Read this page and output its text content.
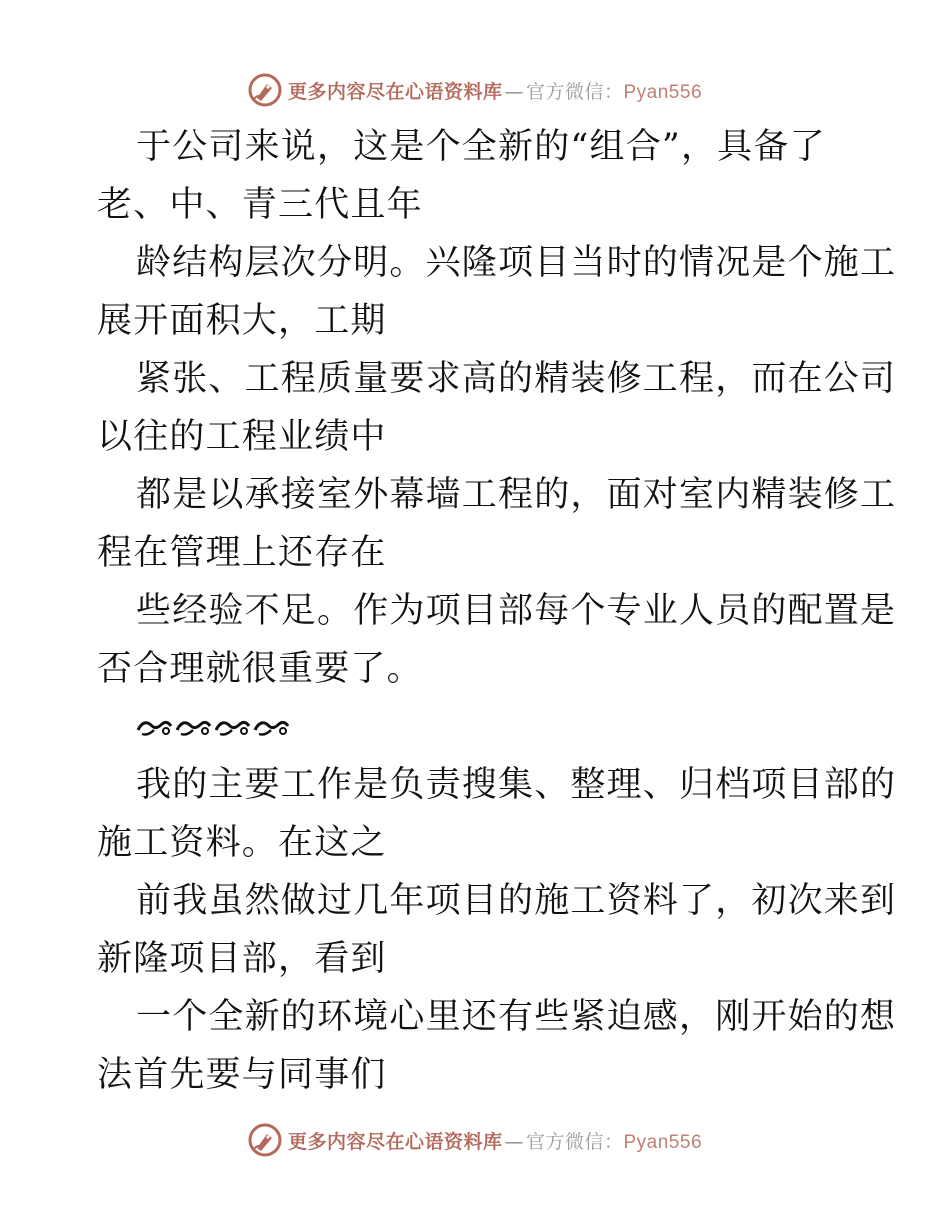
更多内容尽在心语资料库 — 官方微信：Pyan556
于公司来说，这是个全新的“组合”，具备了
老、中、青三代且年
龄结构层次分明。兴隆项目当时的情况是个施工
展开面积大，工期
紧张、工程质量要求高的精装修工程，而在公司
以往的工程业绩中
都是以承接室外幕墙工程的，面对室内精装修工
程在管理上还存在
些经验不足。作为项目部每个专业人员的配置是
否合理就很重要了。
我的主要工作是负责搜集、整理、归档项目部的
施工资料。在这之
前我虽然做过几年项目的施工资料了，初次来到
新隆项目部，看到
一个全新的环境心里还有些紧迫感，刚开始的想
法首先要与同事们
更多内容尽在心语资料库 — 官方微信：Pyan556
